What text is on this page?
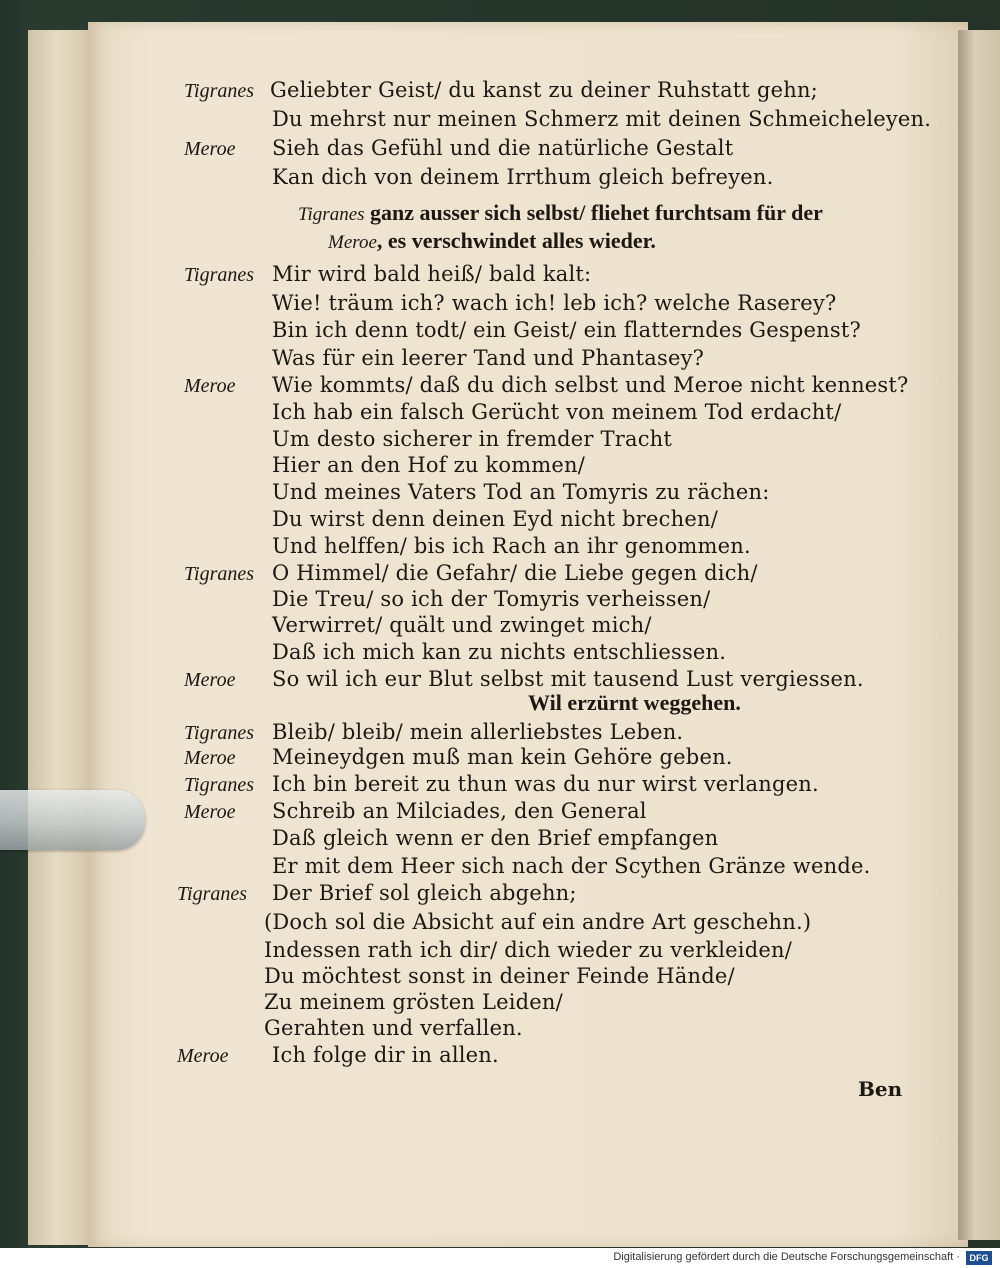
Tigranes Geliebter Geist/ du kanst zu deiner Ruhstatt gehn;
Du mehrst nur meinen Schmerz mit deinen Schmeicheleyen.
Meroe Sieh das Gefühl und die natürliche Gestalt
Kan dich von deinem Irrthum gleich befreyen.
Tigranes Mir wird bald heiß/ bald kalt:
Wie! träum ich? wach ich! leb ich? welche Raserey?
Bin ich denn todt/ ein Geist/ ein flatterndes Gespenst?
Was für ein leerer Tand und Phantasey?
Meroe Wie kommts/ daß du dich selbst und Meroe nicht kennest?
Ich hab ein falsch Gerücht von meinem Tod erdacht/
Um desto sicherer in fremder Tracht
Hier an den Hof zu kommen/
Und meines Vaters Tod an Tomyris zu rächen:
Du wirst denn deinen Eyd nicht brechen/
Und helffen/ bis ich Rach an ihr genommen.
Tigranes O Himmel/ die Gefahr/ die Liebe gegen dich/
Die Treu/ so ich der Tomyris verheissen/
Verwirret/ quält und zwinget mich/
Daß ich mich kan zu nichts entschliessen.
Meroe So wil ich eur Blut selbst mit tausend Lust vergiessen.
Tigranes Bleib/ bleib/ mein allerliebstes Leben.
Meroe Meineydgen muß man kein Gehöre geben.
Tigranes Ich bin bereit zu thun was du nur wirst verlangen.
Meroe Schreib an Milciades, den General
Daß gleich wenn er den Brief empfangen
Er mit dem Heer sich nach der Scythen Gränze wende.
Tigranes Der Brief sol gleich abgehn;
(Doch sol die Absicht auf ein andre Art geschehn.)
Indessen rath ich dir/ dich wieder zu verkleiden/
Du möchtest sonst in deiner Feinde Hände/
Zu meinem grösten Leiden/
Gerahten und verfallen.
Meroe Ich folge dir in allen.
Tigranes ganz ausser sich selbst/ fliehet furchtsam für der
Meroe, es verschwindet alles wieder.
Wil erzürnt weggehen.
Ben
Digitalisierung gefördert durch die Deutsche Forschungsgemeinschaft ·	DFG
